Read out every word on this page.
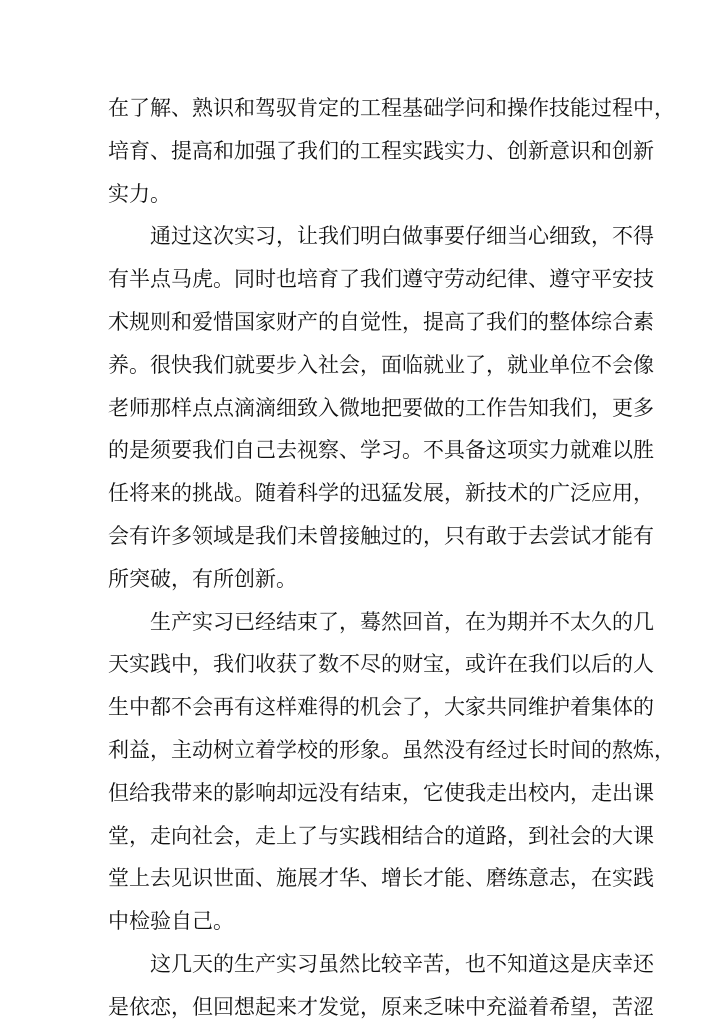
在了解、熟识和驾驭肯定的工程基础学问和操作技能过程中，
培育、提高和加强了我们的工程实践实力、创新意识和创新
实力。
通过这次实习，让我们明白做事要仔细当心细致，不得
有半点马虎。同时也培育了我们遵守劳动纪律、遵守平安技
术规则和爱惜国家财产的自觉性，提高了我们的整体综合素
养。很快我们就要步入社会，面临就业了，就业单位不会像
老师那样点点滴滴细致入微地把要做的工作告知我们，更多
的是须要我们自己去视察、学习。不具备这项实力就难以胜
任将来的挑战。随着科学的迅猛发展，新技术的广泛应用，
会有许多领域是我们未曾接触过的，只有敢于去尝试才能有
所突破，有所创新。
生产实习已经结束了，蓦然回首，在为期并不太久的几
天实践中，我们收获了数不尽的财宝，或许在我们以后的人
生中都不会再有这样难得的机会了，大家共同维护着集体的
利益，主动树立着学校的形象。虽然没有经过长时间的熬炼，
但给我带来的影响却远没有结束，它使我走出校内，走出课
堂，走向社会，走上了与实践相结合的道路，到社会的大课
堂上去见识世面、施展才华、增长才能、磨练意志，在实践
中检验自己。
这几天的生产实习虽然比较辛苦，也不知道这是庆幸还
是依恋，但回想起来才发觉，原来乏味中充溢着希望，苦涩
